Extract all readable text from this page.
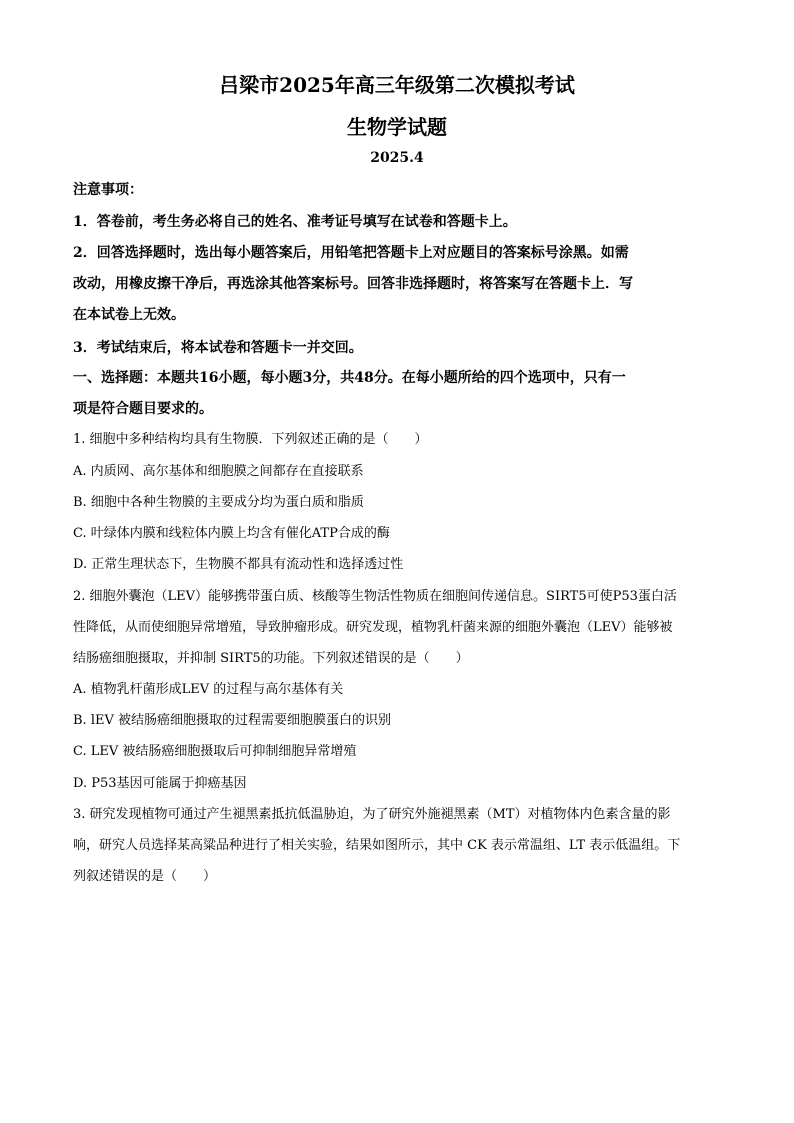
吕梁市2025年高三年级第二次模拟考试
生物学试题
2025.4
注意事项：
1．答卷前，考生务必将自己的姓名、准考证号填写在试卷和答题卡上。
2．回答选择题时，选出每小题答案后，用铅笔把答题卡上对应题目的答案标号涂黑。如需
改动，用橡皮擦干净后，再选涂其他答案标号。回答非选择题时，将答案写在答题卡上．写
在本试卷上无效。
3．考试结束后，将本试卷和答题卡一并交回。
一、选择题：本题共16小题，每小题3分，共48分。在每小题所给的四个选项中，只有一
项是符合题目要求的。
1. 细胞中多种结构均具有生物膜．下列叙述正确的是（　　）
A. 内质网、高尔基体和细胞膜之间都存在直接联系
B. 细胞中各种生物膜的主要成分均为蛋白质和脂质
C. 叶绿体内膜和线粒体内膜上均含有催化ATP合成的酶
D. 正常生理状态下，生物膜不都具有流动性和选择透过性
2. 细胞外囊泡（LEV）能够携带蛋白质、核酸等生物活性物质在细胞间传递信息。SIRT5可使P53蛋白活
性降低，从而使细胞异常增殖，导致肿瘤形成。研究发现，植物乳杆菌来源的细胞外囊泡（LEV）能够被
结肠癌细胞摄取，并抑制 SIRT5的功能。下列叙述错误的是（　　）
A. 植物乳杆菌形成LEV 的过程与高尔基体有关
B. lEV 被结肠癌细胞摄取的过程需要细胞膜蛋白的识别
C. LEV 被结肠癌细胞摄取后可抑制细胞异常增殖
D. P53基因可能属于抑癌基因
3. 研究发现植物可通过产生褪黑素抵抗低温胁迫，为了研究外施褪黑素（MT）对植物体内色素含量的影
响，研究人员选择某高粱品种进行了相关实验，结果如图所示，其中 CK 表示常温组、LT 表示低温组。下
列叙述错误的是（　　）
